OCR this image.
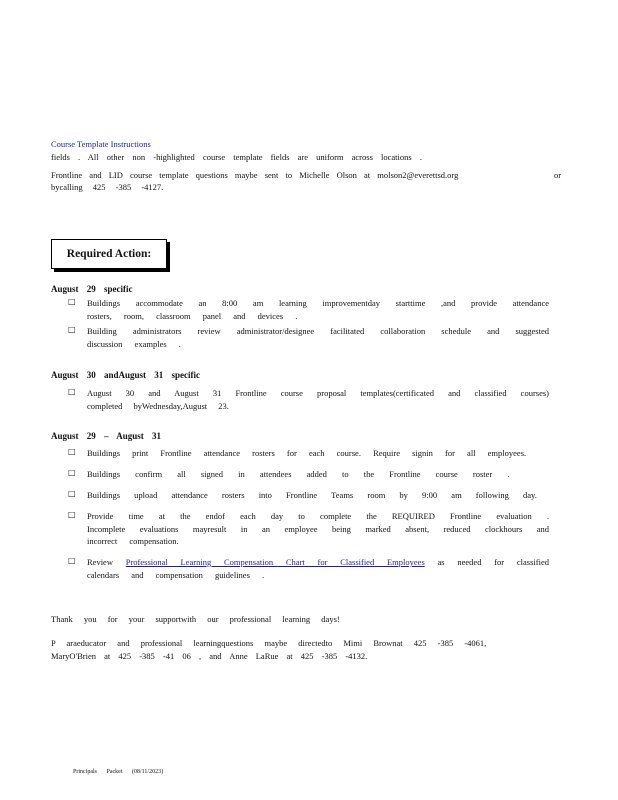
Course Template Instructions
fields . All other non -highlighted course template fields are uniform across locations .
Frontline and LID course template questions maybe sent to Michelle Olson at molson2@everettsd.org	or
bycalling 425 -385 -4127.
Required Action:
August 29 specific
□ Buildings accommodate an 8:00 am learning improvementday starttime ,and provide attendance rosters, room, classroom panel and devices .
□ Building administrators review administrator/designee facilitated collaboration schedule and suggested discussion examples .
August 30 andAugust 31 specific
□ August 30 and August 31 Frontline course proposal templates(certificated and classified courses) completed byWednesday,August 23.
August 29 – August 31
□ Buildings print Frontline attendance rosters for each course. Require signin for all employees.
□ Buildings confirm all signed in attendees added to the Frontline course roster .
□ Buildings upload attendance rosters into Frontline Teams room by 9:00 am following day.
□ Provide time at the endof each day to complete the REQUIRED Frontline evaluation . Incomplete evaluations mayresult in an employee being marked absent, reduced clockhours and incorrect compensation.
□ Review Professional Learning Compensation Chart for Classified Employees as needed for classified calendars and compensation guidelines .
Thank you for your supportwith our professional learning days!
P araeducator and professional learningquestions maybe directedto Mimi Brownat 425 -385 -4061,
MaryO'Brien at 425 -385 -41 06 , and Anne LaRue at 425 -385 -4132.
Principals Packet (08/11/2023)
